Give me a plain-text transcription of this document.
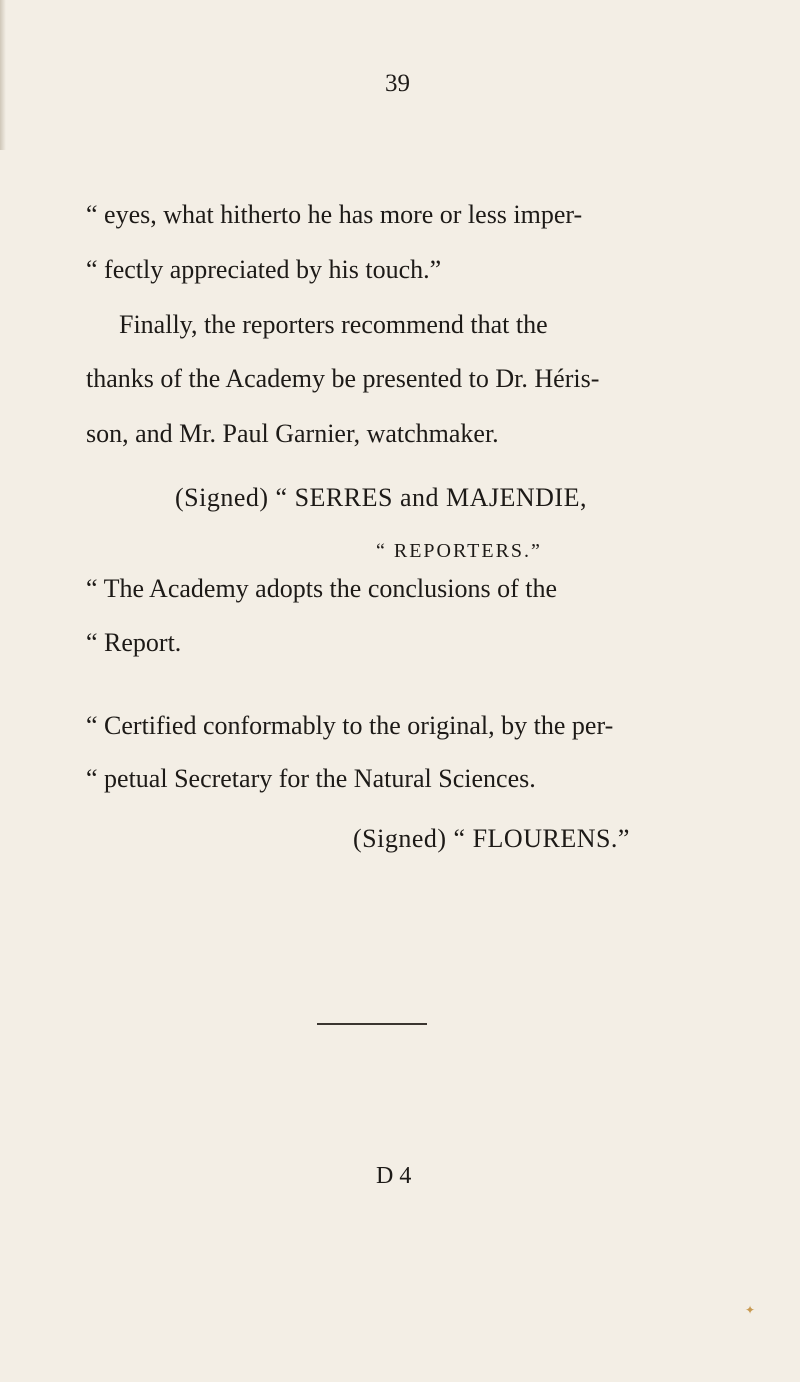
39
“ eyes, what hitherto he has more or less imper-
“ fectly appreciated by his touch.”
Finally, the reporters recommend that the
thanks of the Academy be presented to Dr. Héris-
son, and Mr. Paul Garnier, watchmaker.
(Signed) “ SERRES and MAJENDIE,
“ REPORTERS.”
“ The Academy adopts the conclusions of the
“ Report.
“ Certified conformably to the original, by the per-
“ petual Secretary for the Natural Sciences.
(Signed) “ FLOURENS.”
D 4
✦
